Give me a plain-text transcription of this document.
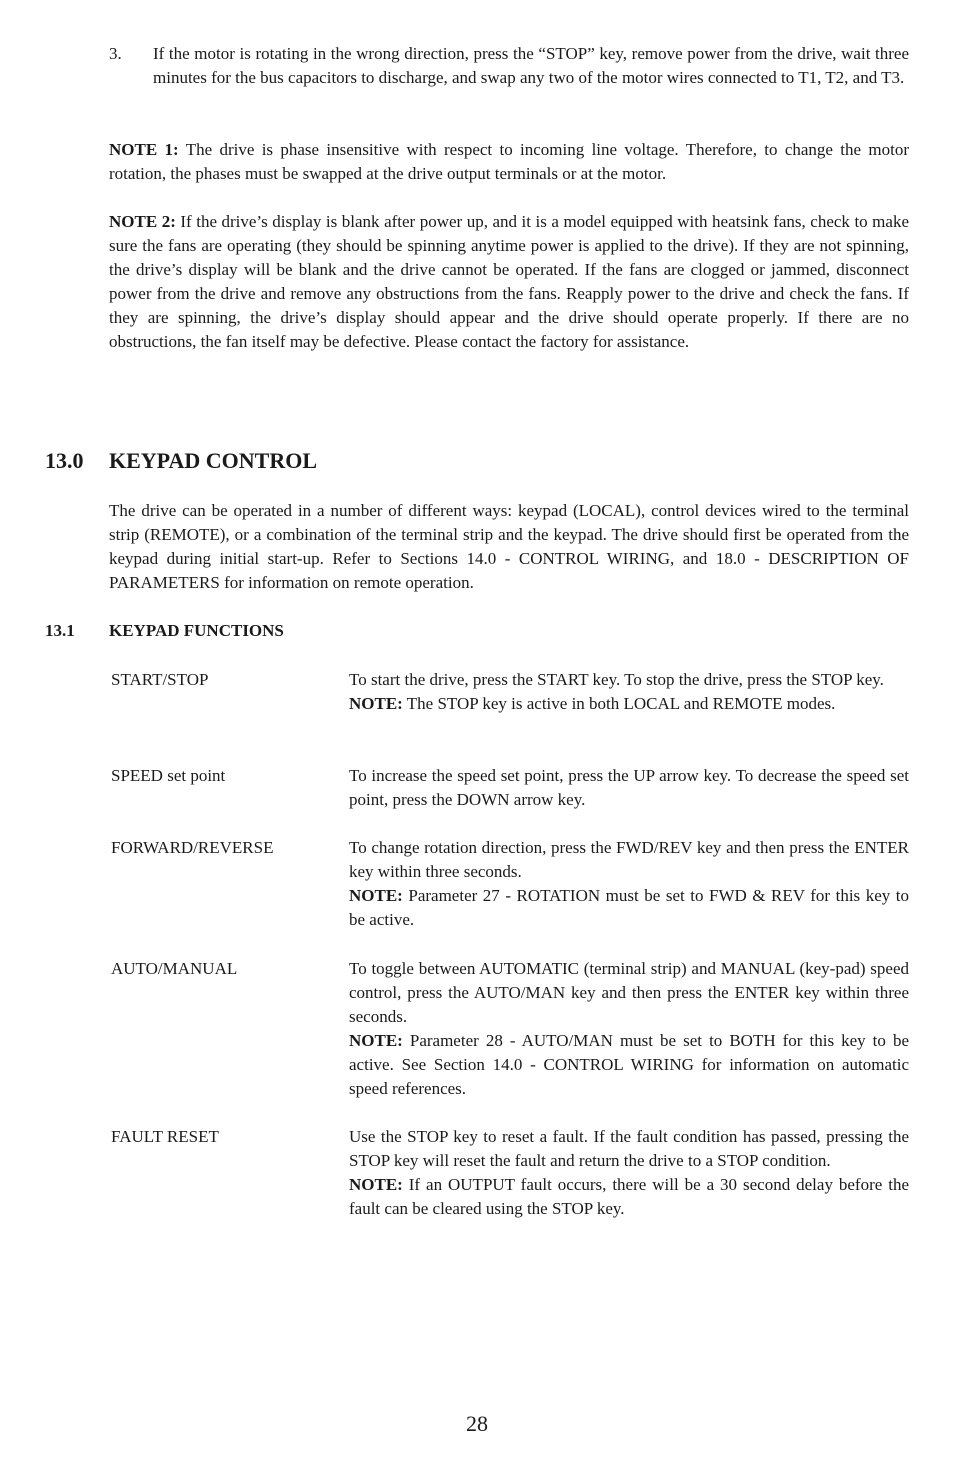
3.	If the motor is rotating in the wrong direction, press the “STOP” key, remove power from the drive, wait three minutes for the bus capacitors to discharge, and swap any two of the motor wires connected to T1, T2, and T3.
NOTE 1: The drive is phase insensitive with respect to incoming line voltage. Therefore, to change the motor rotation, the phases must be swapped at the drive output terminals or at the motor.
NOTE 2: If the drive’s display is blank after power up, and it is a model equipped with heatsink fans, check to make sure the fans are operating (they should be spinning anytime power is applied to the drive). If they are not spinning, the drive’s display will be blank and the drive cannot be operated. If the fans are clogged or jammed, disconnect power from the drive and remove any obstructions from the fans. Reapply power to the drive and check the fans. If they are spinning, the drive’s display should appear and the drive should operate properly. If there are no obstructions, the fan itself may be defective. Please contact the factory for assistance.
13.0 KEYPAD CONTROL
The drive can be operated in a number of different ways: keypad (LOCAL), control devices wired to the terminal strip (REMOTE), or a combination of the terminal strip and the keypad. The drive should first be operated from the keypad during initial start-up. Refer to Sections 14.0 - CONTROL WIRING, and 18.0 - DESCRIPTION OF PARAMETERS for information on remote operation.
13.1 KEYPAD FUNCTIONS
START/STOP	To start the drive, press the START key. To stop the drive, press the STOP key.

NOTE: The STOP key is active in both LOCAL and REMOTE modes.

SPEED set point	To increase the speed set point, press the UP arrow key. To decrease the speed set point, press the DOWN arrow key.

FORWARD/REVERSE	To change rotation direction, press the FWD/REV key and then press the ENTER key within three seconds.

NOTE: Parameter 27 - ROTATION must be set to FWD & REV for this key to be active.

AUTO/MANUAL	To toggle between AUTOMATIC (terminal strip) and MANUAL (key-pad) speed control, press the AUTO/MAN key and then press the ENTER key within three seconds.

NOTE: Parameter 28 - AUTO/MAN must be set to BOTH for this key to be active. See Section 14.0 - CONTROL WIRING for information on automatic speed references.

FAULT RESET	Use the STOP key to reset a fault. If the fault condition has passed, pressing the STOP key will reset the fault and return the drive to a STOP condition.

NOTE: If an OUTPUT fault occurs, there will be a 30 second delay before the fault can be cleared using the STOP key.

28
